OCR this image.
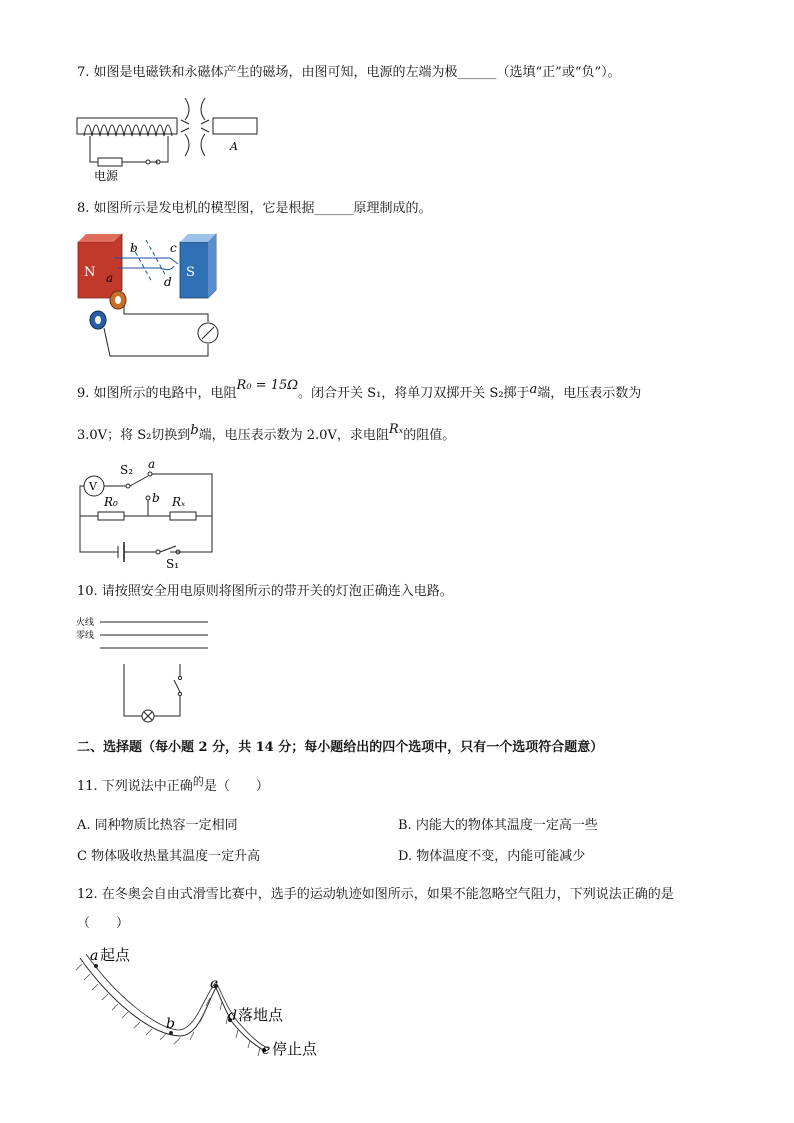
7. 如图是电磁铁和永磁体产生的磁场，由图可知，电源的左端为极______（选填“正”或“负”）。
A
电源
8. 如图所示是发电机的模型图，它是根据______原理制成的。
N	S
b	c
a	d
9. 如图所示的电路中，电阻R₀ = 15Ω。闭合开关 S₁，将单刀双掷开关 S₂掷于a端，电压表示数为
3.0V；将 S₂切换到b端，电压表示数为 2.0V，求电阻Rₓ的阻值。
V
S₂ a
b
R₀	Rₓ
S₁
10. 请按照安全用电原则将图所示的带开关的灯泡正确连入电路。
火线
零线
二、选择题（每小题 2 分，共 14 分；每小题给出的四个选项中，只有一个选项符合题意）
11. 下列说法中正确$^的$是（　　）
A. 同种物质比热容一定相同	B. 内能大的物体其温度一定高一些
C 物体吸收热量其温度一定升高	D. 物体温度不变，内能可能减少
12. 在冬奥会自由式滑雪比赛中，选手的运动轨迹如图所示，如果不能忽略空气阻力，下列说法正确的是
（　　）
a 起点
b
c
d 落地点
e 停止点
